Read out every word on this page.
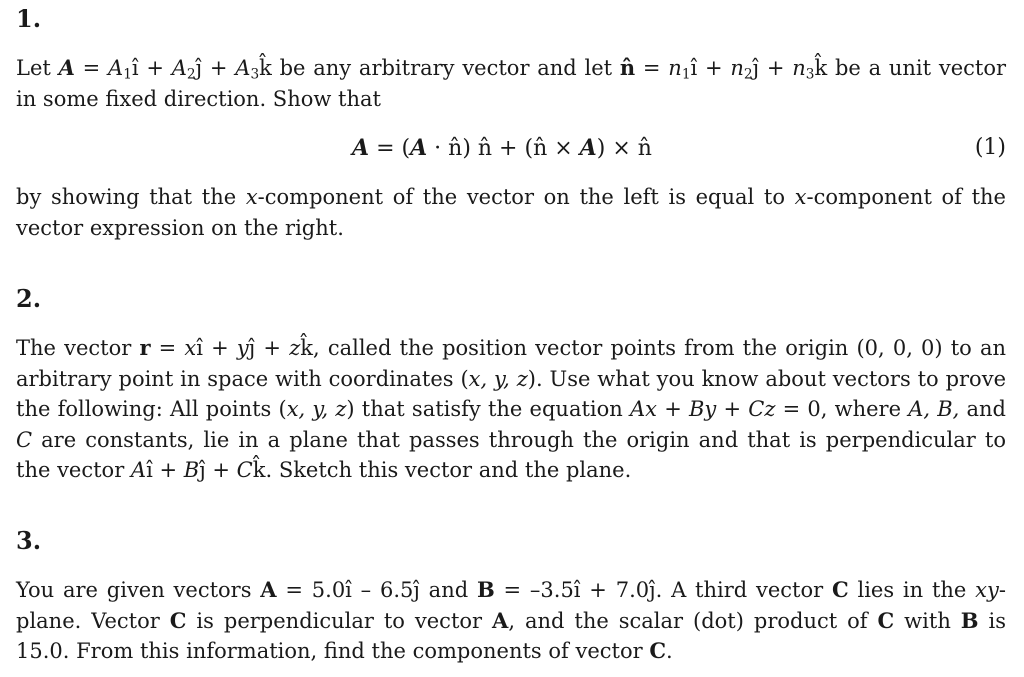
1.
Let $A = A_1î$ + $A_2ĵ$ + $A_3k̂$ be any arbitrary vector and let n̂ = $n_1î$ + $n_2ĵ$ + $n_3k̂$ be a unit vector in some fixed direction. Show that
A = (A · n̂) n̂ + (n̂ × A) × n̂	(1)
by showing that the x-component of the vector on the left is equal to x-component of the vector expression on the right.
2.
The vector r = xî + yĵ + zk̂, called the position vector points from the origin (0, 0, 0) to an arbitrary point in space with coordinates (x, y, z). Use what you know about vectors to prove the following: All points (x, y, z) that satisfy the equation Ax + By + Cz = 0, where A, B, and C are constants, lie in a plane that passes through the origin and that is perpendicular to the vector Aî + Bĵ + Ck̂. Sketch this vector and the plane.
3.
You are given vectors A = 5.0î – 6.5ĵ and B = –3.5î + 7.0ĵ. A third vector C lies in the xy-plane. Vector C is perpendicular to vector A, and the scalar (dot) product of C with B is 15.0. From this information, find the components of vector C.
